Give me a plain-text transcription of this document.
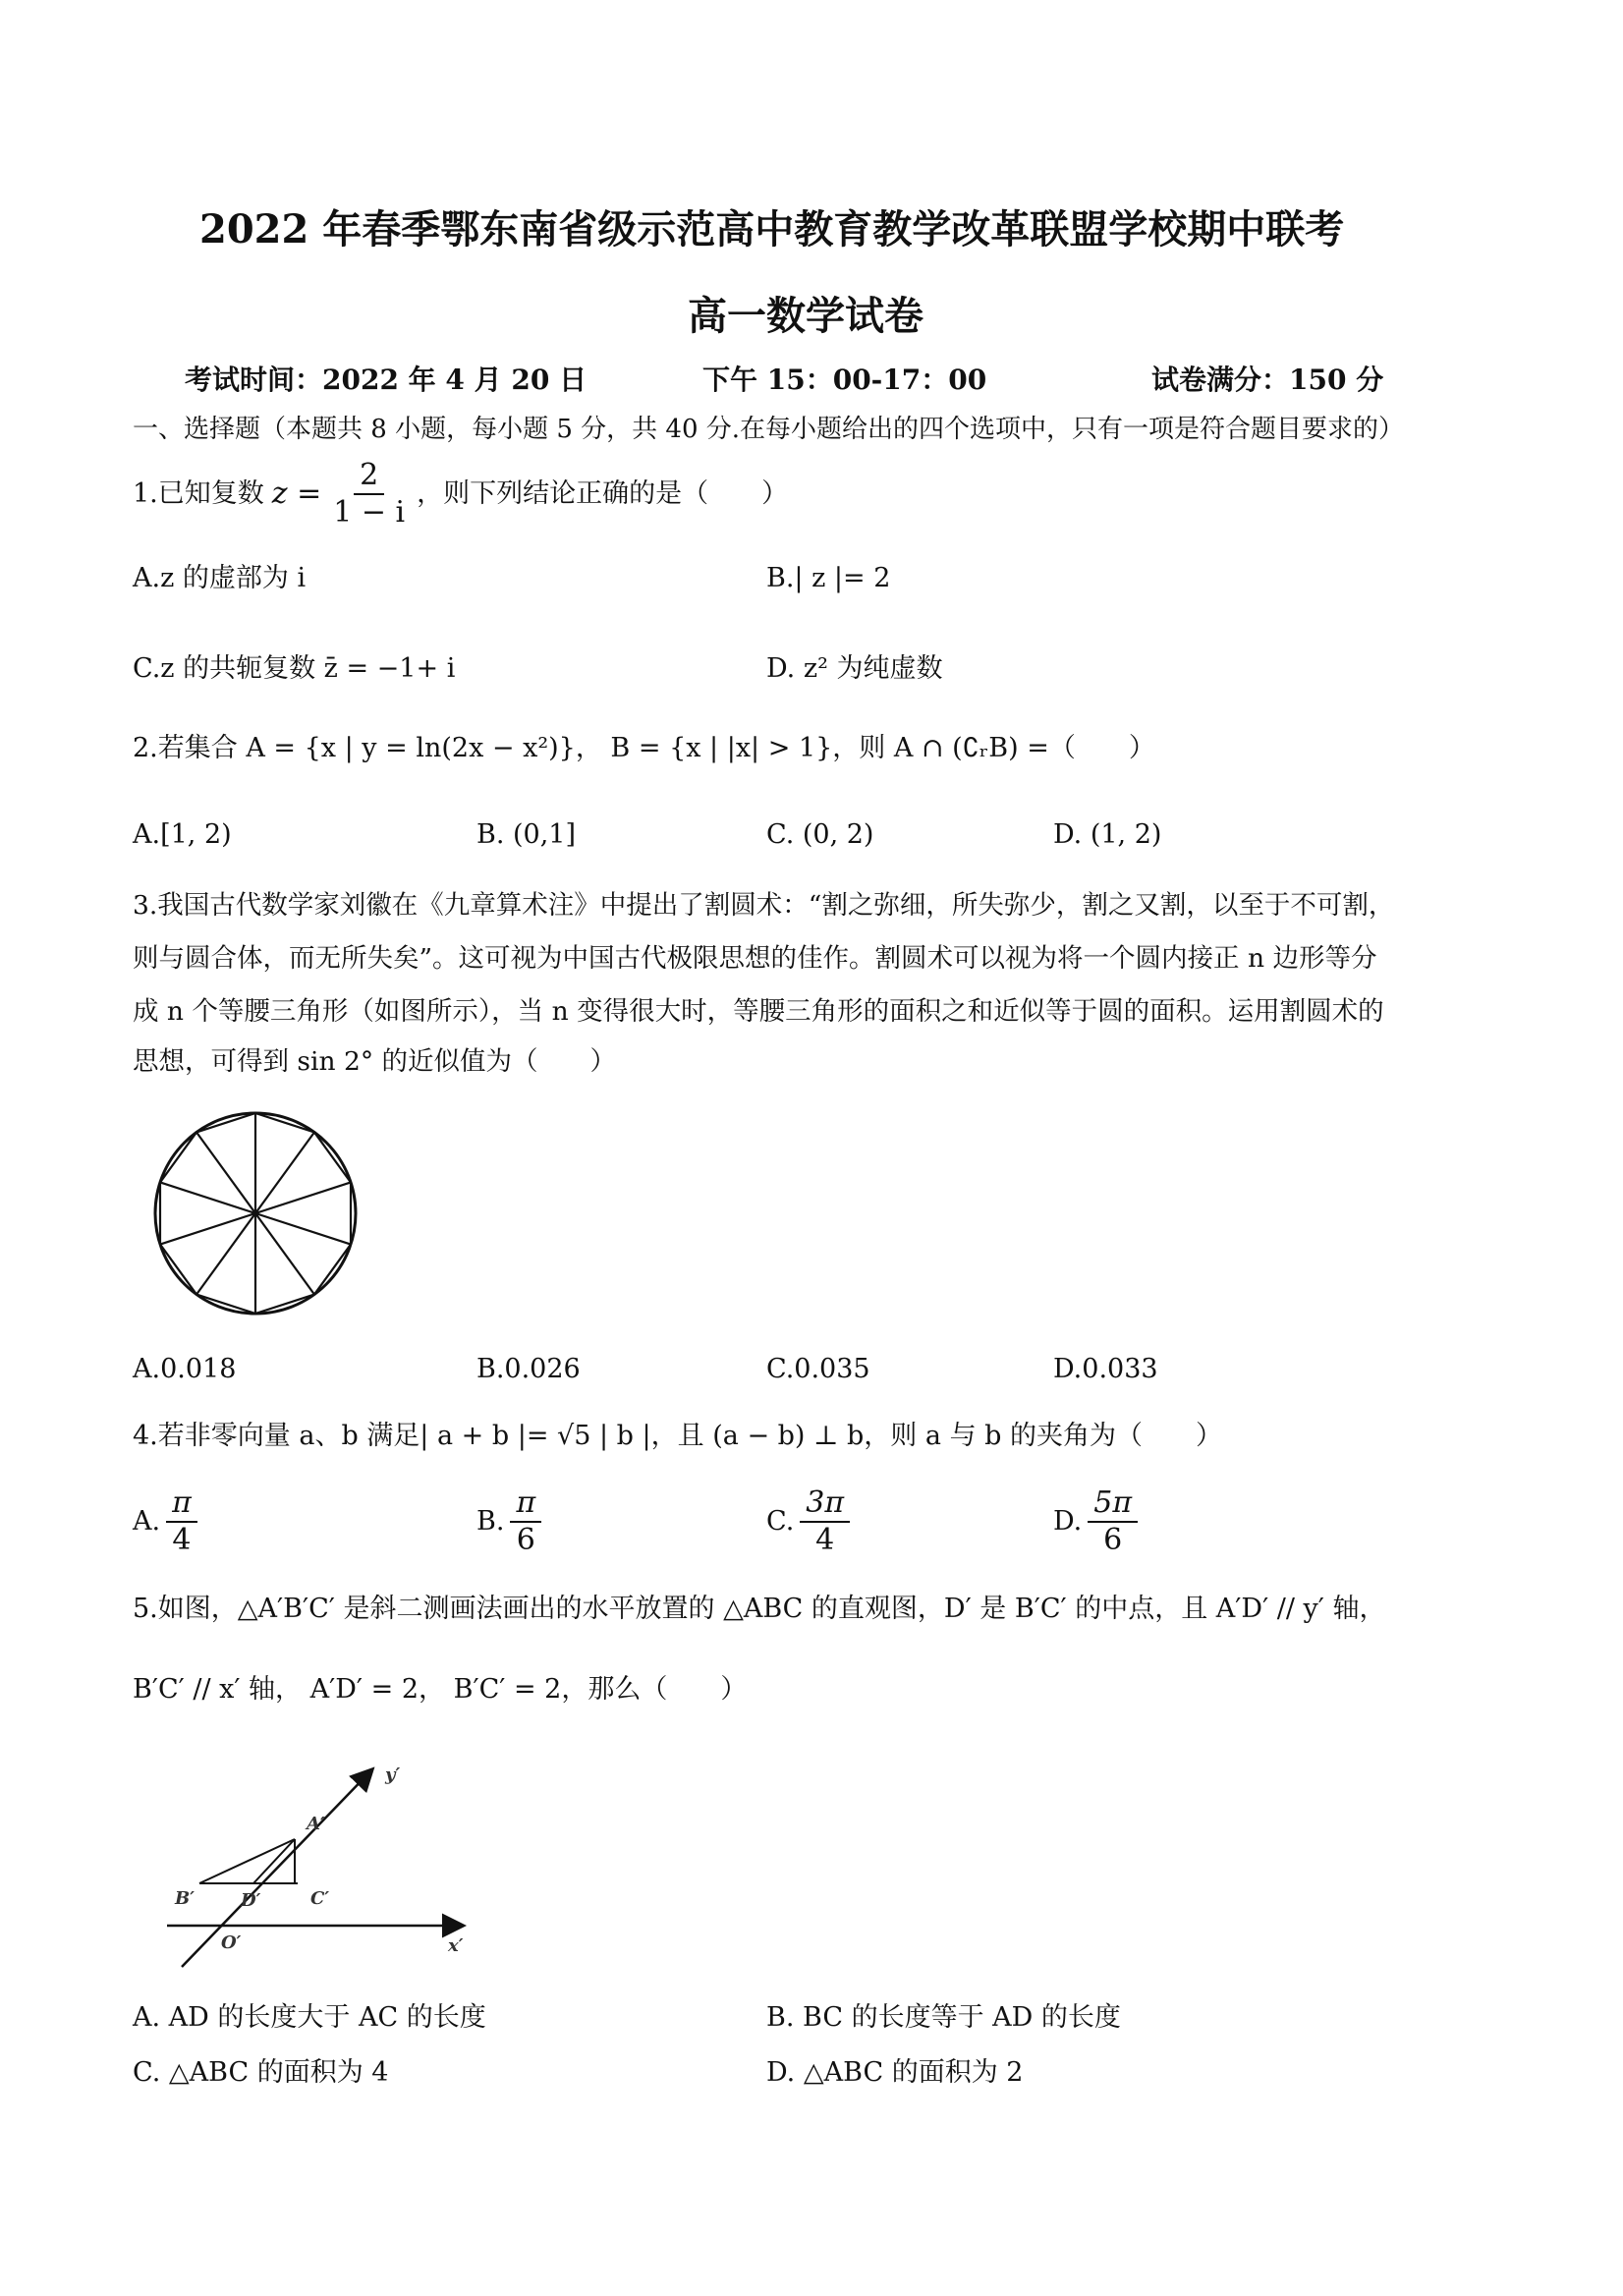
2022 年春季鄂东南省级示范高中教育教学改革联盟学校期中联考
高一数学试卷
考试时间：2022 年 4 月 20 日	下午 15：00-17：00	试卷满分：150 分
一、选择题（本题共 8 小题，每小题 5 分，共 40 分.在每小题给出的四个选项中，只有一项是符合题目要求的）
1.已知复数 $z = \frac{2}{1 - i}$ ，则下列结论正确的是（　　）
A.z 的虚部为 i	B.| z |= 2
C.z 的共轭复数 z̄ = −1+ i	D. z² 为纯虚数
2.若集合 A = {x | y = ln(2x − x²)}， B = {x | |x| > 1}，则 A ∩ (∁ᵣB) =（　　）
A.[1, 2)	B. (0,1]	C. (0, 2)	D. (1, 2)
3.我国古代数学家刘徽在《九章算术注》中提出了割圆术：“割之弥细，所失弥少，割之又割，以至于不可割，
则与圆合体，而无所失矣”。这可视为中国古代极限思想的佳作。割圆术可以视为将一个圆内接正 n 边形等分
成 n 个等腰三角形（如图所示），当 n 变得很大时，等腰三角形的面积之和近似等于圆的面积。运用割圆术的
思想，可得到 sin 2° 的近似值为（　　）
A.0.018	B.0.026	C.0.035	D.0.033
4.若非零向量 a、b 满足| a + b |= √5 | b |，且 (a − b) ⊥ b，则 a 与 b 的夹角为（　　）
A. $\frac{\pi}{4}$	B. $\frac{\pi}{6}$	C. $\frac{3\pi}{4}$	D. $\frac{5\pi}{6}$
5.如图，△A′B′C′ 是斜二测画法画出的水平放置的 △ABC 的直观图，D′ 是 B′C′ 的中点，且 A′D′ // y′ 轴，
B′C′ // x′ 轴， A′D′ = 2， B′C′ = 2，那么（　　）
y′
A′
B′	D′	C′
O′	x′
A. AD 的长度大于 AC 的长度	B. BC 的长度等于 AD 的长度
C. △ABC 的面积为 4	D. △ABC 的面积为 2
